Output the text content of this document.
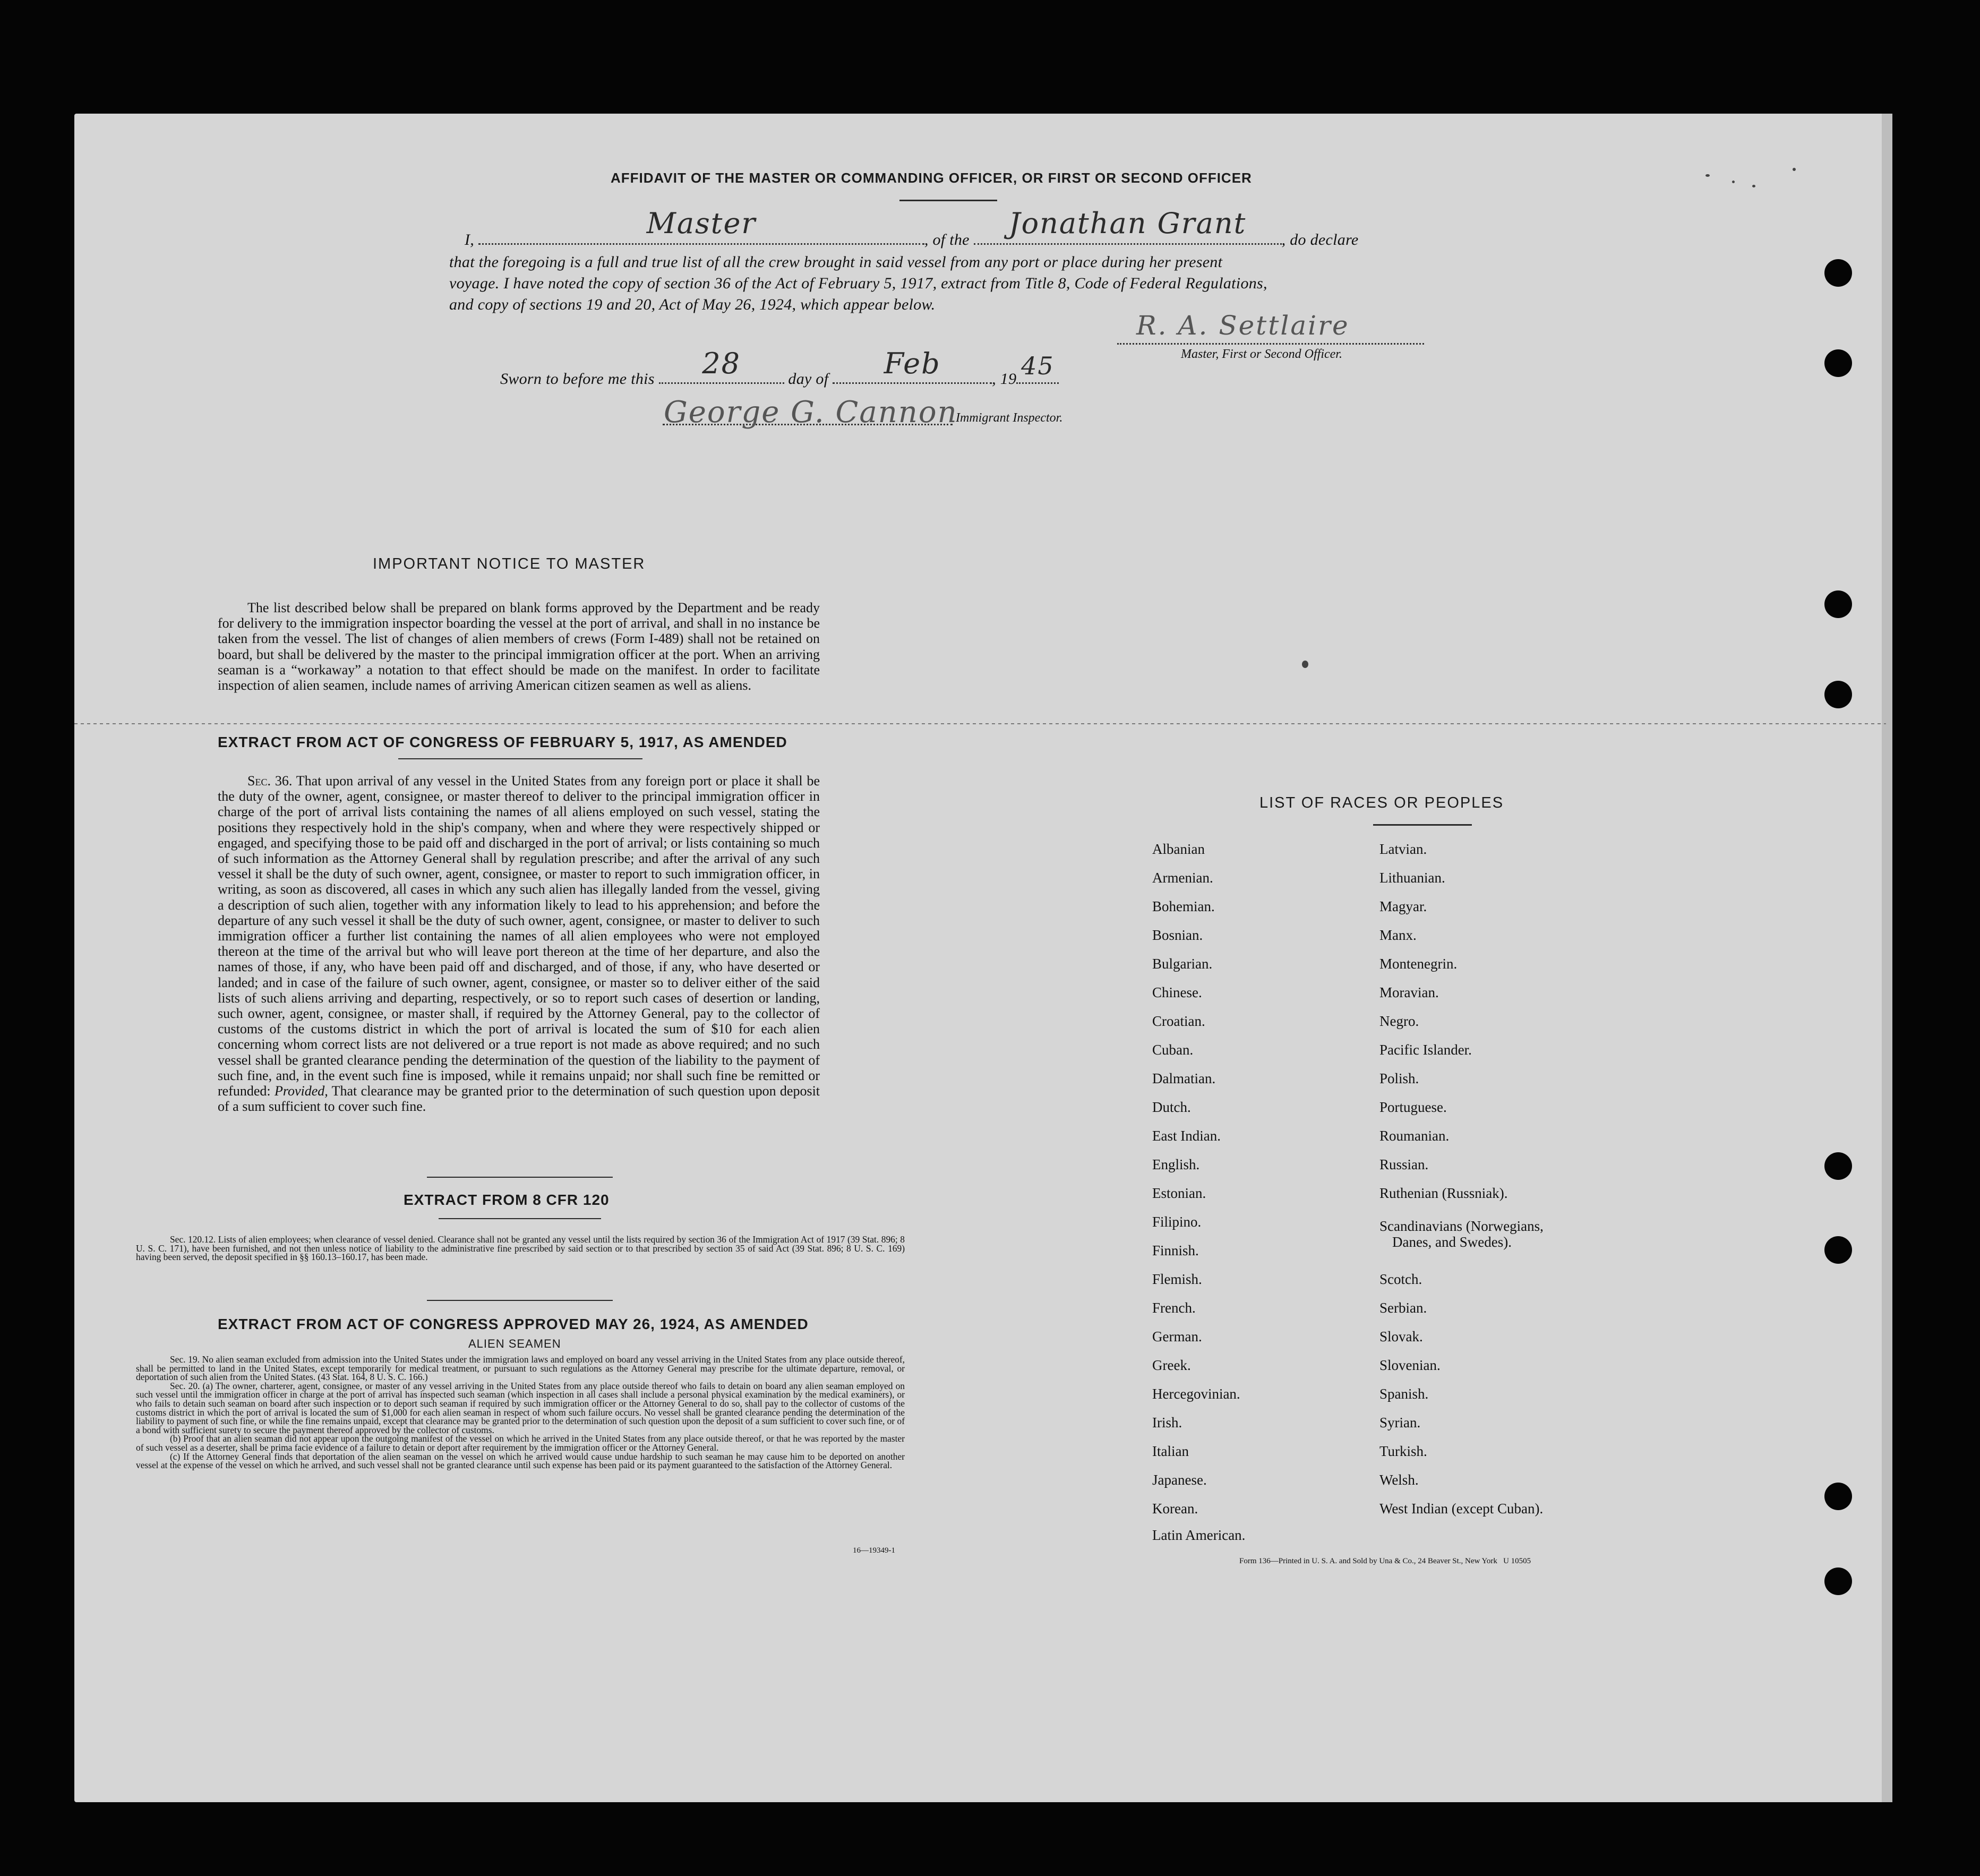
AFFIDAVIT OF THE MASTER OR COMMANDING OFFICER, OR FIRST OR SECOND OFFICER
I,	Master	, of the	Jonathan Grant	, do declare
that the foregoing is a full and true list of all the crew brought in said vessel from any port or place during her present
voyage. I have noted the copy of section 36 of the Act of February 5, 1917, extract from Title 8, Code of Federal Regulations,
and copy of sections 19 and 20, Act of May 26, 1924, which appear below.
R. A. Settlaire
Master, First or Second Officer.
Sworn to before me this	28	day of	Feb	, 19 45
George G. Cannon
Immigrant Inspector.
IMPORTANT NOTICE TO MASTER
The list described below shall be prepared on blank forms approved by the Department and be ready for delivery to the immigration inspector boarding the vessel at the port of arrival, and shall in no instance be taken from the vessel. The list of changes of alien members of crews (Form I-489) shall not be retained on board, but shall be delivered by the master to the principal immigration officer at the port. When an arriving seaman is a “workaway” a notation to that effect should be made on the manifest. In order to facilitate inspection of alien seamen, include names of arriving American citizen seamen as well as aliens.
EXTRACT FROM ACT OF CONGRESS OF FEBRUARY 5, 1917, AS AMENDED
Sec. 36. That upon arrival of any vessel in the United States from any foreign port or place it shall be the duty of the owner, agent, consignee, or master thereof to deliver to the principal immigration officer in charge of the port of arrival lists containing the names of all aliens employed on such vessel, stating the positions they respectively hold in the ship's company, when and where they were respectively shipped or engaged, and specifying those to be paid off and discharged in the port of arrival; or lists containing so much of such information as the Attorney General shall by regulation prescribe; and after the arrival of any such vessel it shall be the duty of such owner, agent, consignee, or master to report to such immigration officer, in writing, as soon as discovered, all cases in which any such alien has illegally landed from the vessel, giving a description of such alien, together with any information likely to lead to his apprehension; and before the departure of any such vessel it shall be the duty of such owner, agent, consignee, or master to deliver to such immigration officer a further list containing the names of all alien employees who were not employed thereon at the time of the arrival but who will leave port thereon at the time of her departure, and also the names of those, if any, who have been paid off and discharged, and of those, if any, who have deserted or landed; and in case of the failure of such owner, agent, consignee, or master so to deliver either of the said lists of such aliens arriving and departing, respectively, or so to report such cases of desertion or landing, such owner, agent, consignee, or master shall, if required by the Attorney General, pay to the collector of customs of the customs district in which the port of arrival is located the sum of $10 for each alien concerning whom correct lists are not delivered or a true report is not made as above required; and no such vessel shall be granted clearance pending the determination of the question of the liability to the payment of such fine, and, in the event such fine is imposed, while it remains unpaid; nor shall such fine be remitted or refunded: Provided, That clearance may be granted prior to the determination of such question upon deposit of a sum sufficient to cover such fine.
EXTRACT FROM 8 CFR 120
Sec. 120.12. Lists of alien employees; when clearance of vessel denied. Clearance shall not be granted any vessel until the lists required by section 36 of the Immigration Act of 1917 (39 Stat. 896; 8 U. S. C. 171), have been furnished, and not then unless notice of liability to the administrative fine prescribed by said section or to that prescribed by section 35 of said Act (39 Stat. 896; 8 U. S. C. 169) having been served, the deposit specified in §§ 160.13–160.17, has been made.
EXTRACT FROM ACT OF CONGRESS APPROVED MAY 26, 1924, AS AMENDED
ALIEN SEAMEN
Sec. 19. No alien seaman excluded from admission into the United States under the immigration laws and employed on board any vessel arriving in the United States from any place outside thereof, shall be permitted to land in the United States, except temporarily for medical treatment, or pursuant to such regulations as the Attorney General may prescribe for the ultimate departure, removal, or deportation of such alien from the United States. (43 Stat. 164, 8 U. S. C. 166.)
Sec. 20. (a) The owner, charterer, agent, consignee, or master of any vessel arriving in the United States from any place outside thereof who fails to detain on board any alien seaman employed on such vessel until the immigration officer in charge at the port of arrival has inspected such seaman (which inspection in all cases shall include a personal physical examination by the medical examiners), or who fails to detain such seaman on board after such inspection or to deport such seaman if required by such immigration officer or the Attorney General to do so, shall pay to the collector of customs of the customs district in which the port of arrival is located the sum of $1,000 for each alien seaman in respect of whom such failure occurs. No vessel shall be granted clearance pending the determination of the liability to payment of such fine, or while the fine remains unpaid, except that clearance may be granted prior to the determination of such question upon the deposit of a sum sufficient to cover such fine, or of a bond with sufficient surety to secure the payment thereof approved by the collector of customs.
(b) Proof that an alien seaman did not appear upon the outgoing manifest of the vessel on which he arrived in the United States from any place outside thereof, or that he was reported by the master of such vessel as a deserter, shall be prima facie evidence of a failure to detain or deport after requirement by the immigration officer or the Attorney General.
(c) If the Attorney General finds that deportation of the alien seaman on the vessel on which he arrived would cause undue hardship to such seaman he may cause him to be deported on another vessel at the expense of the vessel on which he arrived, and such vessel shall not be granted clearance until such expense has been paid or its payment guaranteed to the satisfaction of the Attorney General.
16—19349-1
LIST OF RACES OR PEOPLES
Albanian
Armenian.
Bohemian.
Bosnian.
Bulgarian.
Chinese.
Croatian.
Cuban.
Dalmatian.
Dutch.
East Indian.
English.
Estonian.
Filipino.
Finnish.
Flemish.
French.
German.
Greek.
Hercegovinian.
Irish.
Italian
Japanese.
Korean.
Latin American.
Latvian.
Lithuanian.
Magyar.
Manx.
Montenegrin.
Moravian.
Negro.
Pacific Islander.
Polish.
Portuguese.
Roumanian.
Russian.
Ruthenian (Russniak).
Scandinavians (Norwegians,
Danes, and Swedes).
Scotch.
Serbian.
Slovak.
Slovenian.
Spanish.
Syrian.
Turkish.
Welsh.
West Indian (except Cuban).
Form 136—Printed in U. S. A. and Sold by Una & Co., 24 Beaver St., New York   U 10505
